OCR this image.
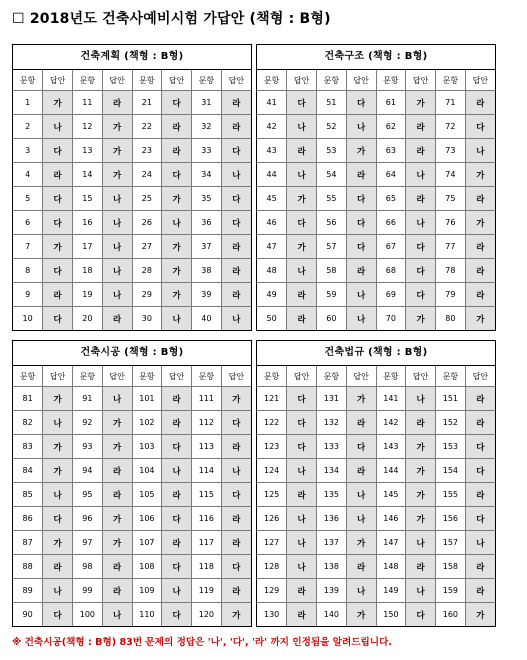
☐ 2018년도 건축사예비시험 가답안 (책형 : B형)
건축계획 (책형 : B형)
문항	답안	문항	답안	문항	답안	문항	답안
1	가	11	라	21	다	31	라
2	나	12	가	22	라	32	라
3	다	13	가	23	라	33	다
4	라	14	가	24	다	34	나
5	다	15	나	25	가	35	다
6	다	16	나	26	나	36	다
7	가	17	나	27	가	37	라
8	다	18	나	28	가	38	라
9	라	19	나	29	가	39	라
10	다	20	라	30	나	40	나
건축구조 (책형 : B형)
문항	답안	문항	답안	문항	답안	문항	답안
41	다	51	다	61	가	71	라
42	나	52	나	62	라	72	다
43	라	53	가	63	라	73	나
44	나	54	라	64	나	74	가
45	가	55	다	65	라	75	라
46	다	56	다	66	나	76	가
47	가	57	다	67	다	77	라
48	나	58	라	68	다	78	라
49	라	59	나	69	다	79	라
50	라	60	나	70	가	80	가
건축시공 (책형 : B형)
문항	답안	문항	답안	문항	답안	문항	답안
81	가	91	나	101	라	111	가
82	나	92	가	102	라	112	다
83	가	93	가	103	다	113	라
84	가	94	라	104	나	114	나
85	나	95	라	105	라	115	다
86	다	96	가	106	다	116	라
87	가	97	가	107	라	117	라
88	라	98	라	108	다	118	다
89	나	99	라	109	나	119	라
90	다	100	나	110	다	120	가
건축법규 (책형 : B형)
문항	답안	문항	답안	문항	답안	문항	답안
121	다	131	가	141	나	151	라
122	다	132	라	142	라	152	라
123	다	133	다	143	가	153	다
124	나	134	라	144	가	154	다
125	라	135	나	145	가	155	라
126	나	136	나	146	가	156	다
127	나	137	가	147	나	157	나
128	나	138	라	148	라	158	라
129	라	139	나	149	나	159	라
130	라	140	가	150	다	160	가
※ 건축시공(책형 : B형) 83번 문제의 정답은 '나', '다', '라' 까지 인정됨을 알려드립니다.
